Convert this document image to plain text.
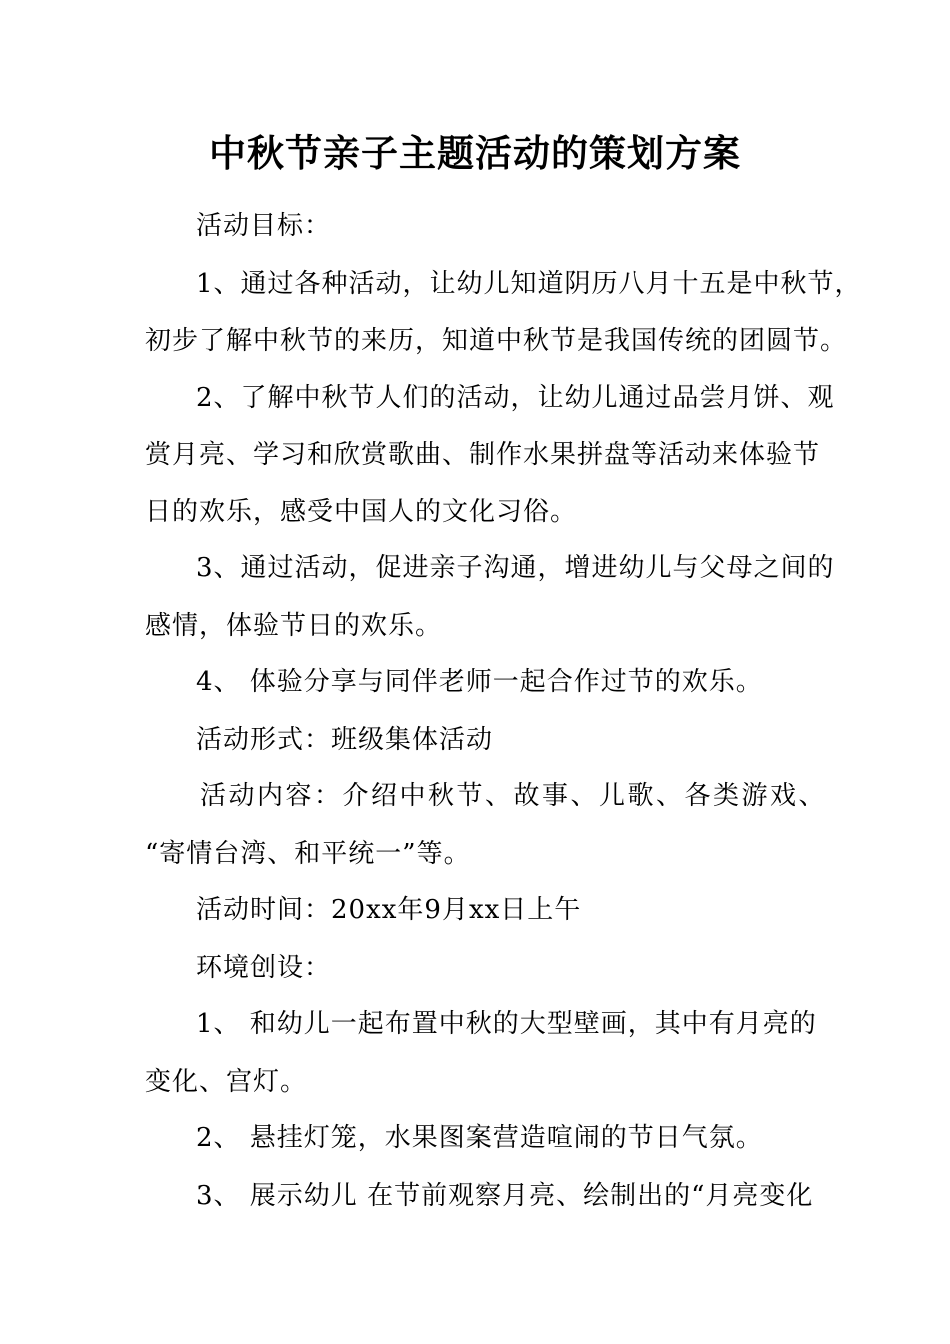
中秋节亲子主题活动的策划方案
活动目标：
1、通过各种活动，让幼儿知道阴历八月十五是中秋节，
初步了解中秋节的来历，知道中秋节是我国传统的团圆节。
2、了解中秋节人们的活动，让幼儿通过品尝月饼、观
赏月亮、学习和欣赏歌曲、制作水果拼盘等活动来体验节
日的欢乐，感受中国人的文化习俗。
3、通过活动，促进亲子沟通，增进幼儿与父母之间的
感情，体验节日的欢乐。
4、 体验分享与同伴老师一起合作过节的欢乐。
活动形式：班级集体活动
活动内容：介绍中秋节、故事、儿歌、各类游戏、
“寄情台湾、和平统一”等。
活动时间：20xx年9月xx日上午
环境创设：
1、 和幼儿一起布置中秋的大型壁画，其中有月亮的
变化、宫灯。
2、 悬挂灯笼，水果图案营造喧闹的节日气氛。
3、 展示幼儿 在节前观察月亮、绘制出的“月亮变化
